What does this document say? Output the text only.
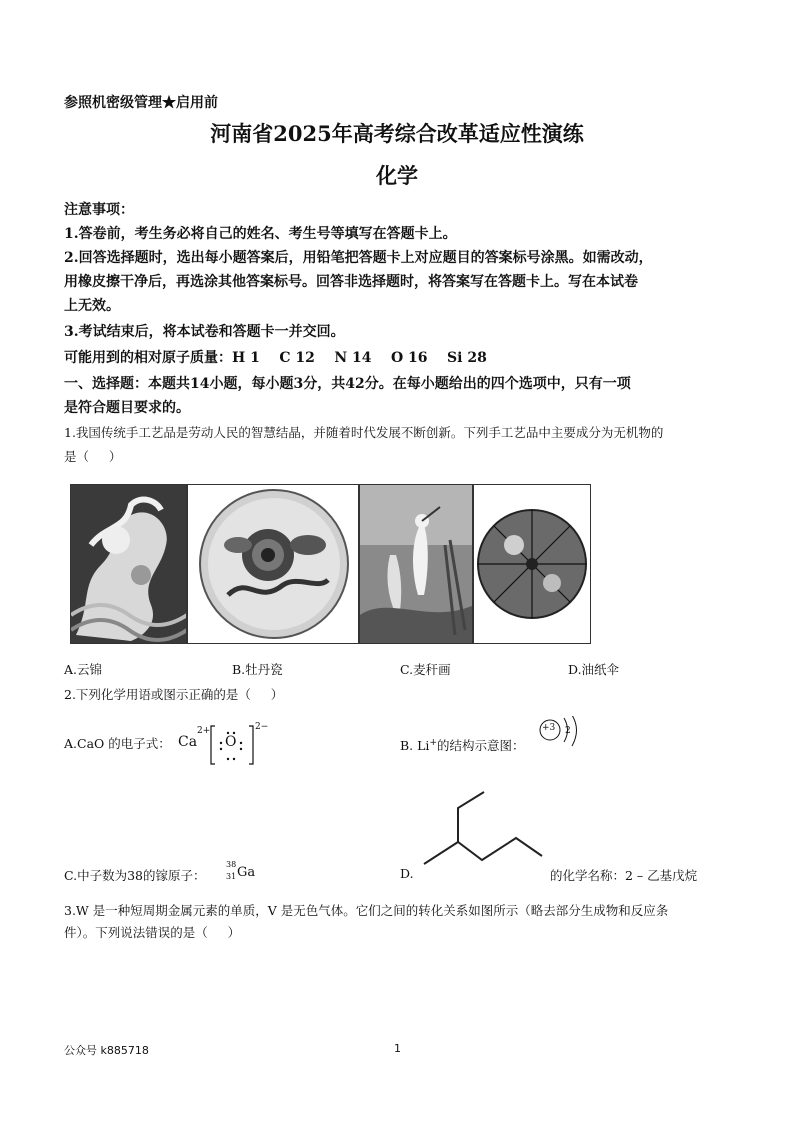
参照机密级管理★启用前
河南省2025年高考综合改革适应性演练
化学
注意事项：
1.答卷前，考生务必将自己的姓名、考生号等填写在答题卡上。
2.回答选择题时，选出每小题答案后，用铅笔把答题卡上对应题目的答案标号涂黑。如需改动，
用橡皮擦干净后，再选涂其他答案标号。回答非选择题时，将答案写在答题卡上。写在本试卷
上无效。
3.考试结束后，将本试卷和答题卡一并交回。
可能用到的相对原子质量：H 1    C 12    N 14    O 16    Si 28
一、选择题：本题共14小题，每小题3分，共42分。在每小题给出的四个选项中，只有一项
是符合题目要求的。
1.我国传统手工艺品是劳动人民的智慧结晶，并随着时代发展不断创新。下列手工艺品中主要成分为无机物的
是（     ）
A.云锦	B.牡丹瓷	C.麦秆画	D.油纸伞
2.下列化学用语或图示正确的是（     ）
A.CaO 的电子式： Ca
2+
O
2−
B. Li+的结构示意图：
+3 2
C.中子数为38的镓原子：
38
31 Ga	D.	的化学名称：2 – 乙基戊烷
3.W 是一种短周期金属元素的单质，V 是无色气体。它们之间的转化关系如图所示（略去部分生成物和反应条
件）。下列说法错误的是（     ）
公众号 k885718	1
